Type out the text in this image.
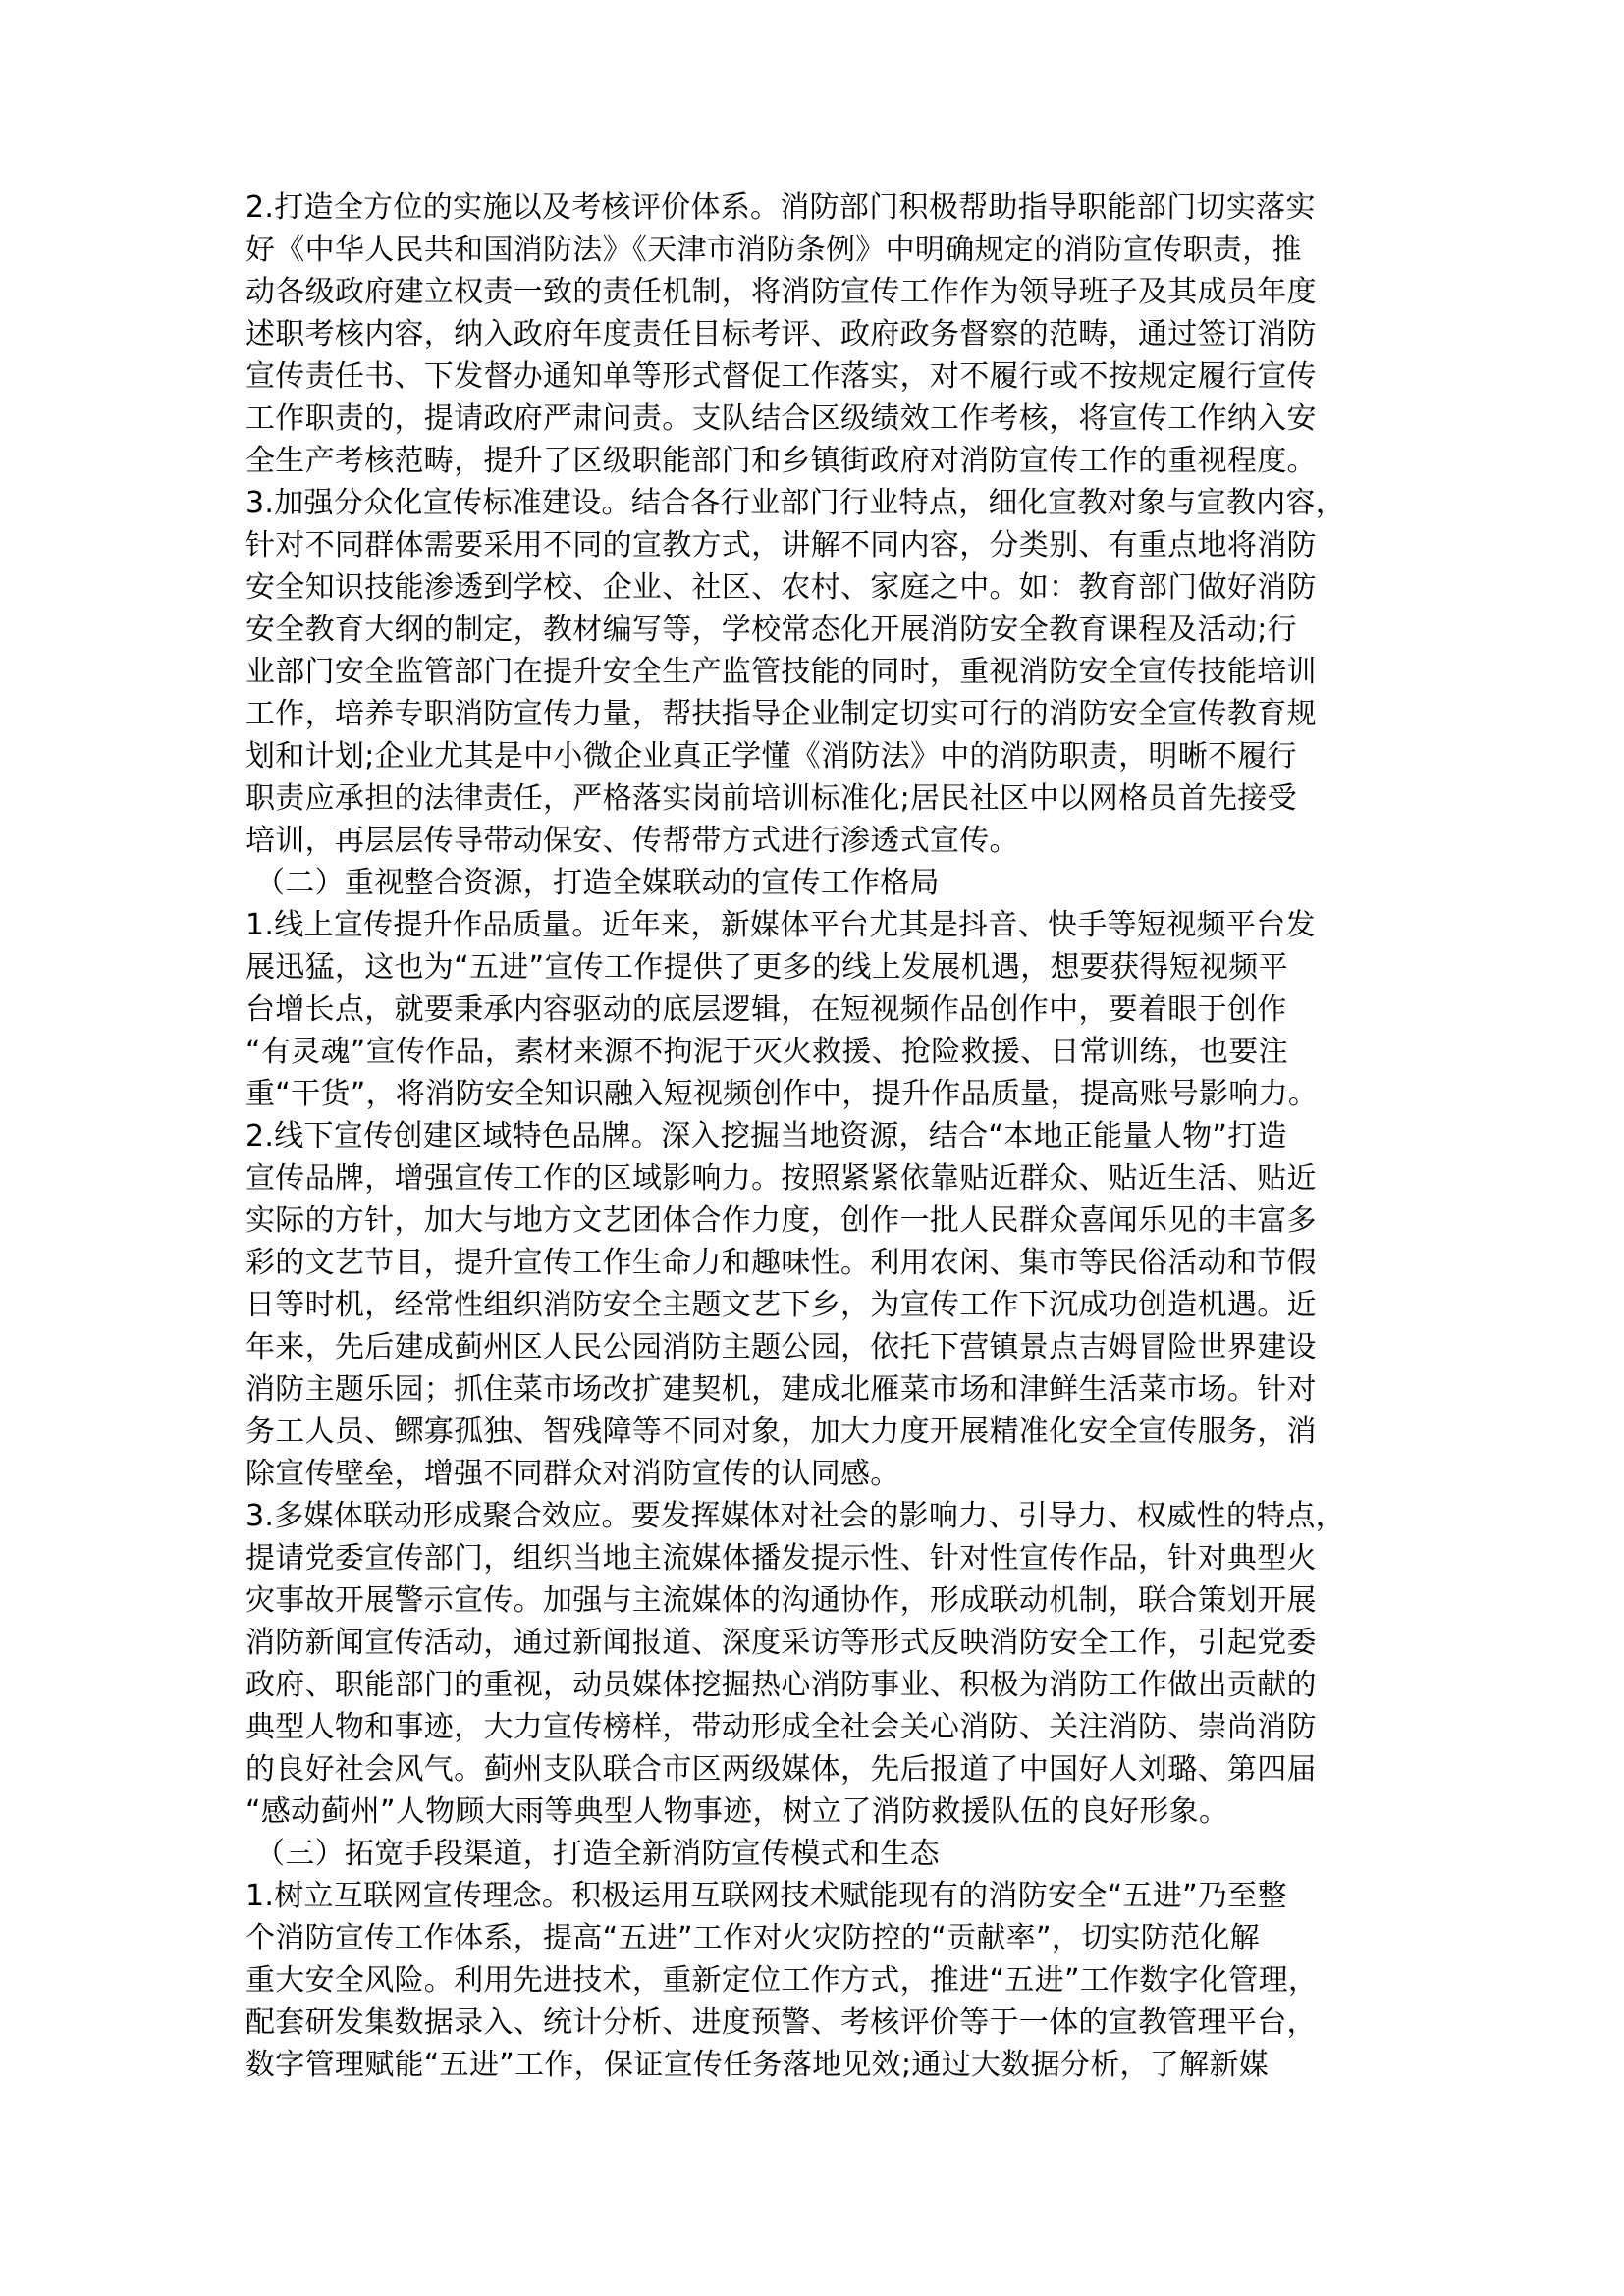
2.打造全方位的实施以及考核评价体系。消防部门积极帮助指导职能部门切实落实
好《中华人民共和国消防法》《天津市消防条例》中明确规定的消防宣传职责，推
动各级政府建立权责一致的责任机制，将消防宣传工作作为领导班子及其成员年度
述职考核内容，纳入政府年度责任目标考评、政府政务督察的范畴，通过签订消防
宣传责任书、下发督办通知单等形式督促工作落实，对不履行或不按规定履行宣传
工作职责的，提请政府严肃问责。支队结合区级绩效工作考核，将宣传工作纳入安
全生产考核范畴，提升了区级职能部门和乡镇街政府对消防宣传工作的重视程度。
3.加强分众化宣传标准建设。结合各行业部门行业特点，细化宣教对象与宣教内容，
针对不同群体需要采用不同的宣教方式，讲解不同内容，分类别、有重点地将消防
安全知识技能渗透到学校、企业、社区、农村、家庭之中。如：教育部门做好消防
安全教育大纲的制定，教材编写等，学校常态化开展消防安全教育课程及活动;行
业部门安全监管部门在提升安全生产监管技能的同时，重视消防安全宣传技能培训
工作，培养专职消防宣传力量，帮扶指导企业制定切实可行的消防安全宣传教育规
划和计划;企业尤其是中小微企业真正学懂《消防法》中的消防职责，明晰不履行
职责应承担的法律责任，严格落实岗前培训标准化;居民社区中以网格员首先接受
培训，再层层传导带动保安、传帮带方式进行渗透式宣传。
（二）重视整合资源，打造全媒联动的宣传工作格局
1.线上宣传提升作品质量。近年来，新媒体平台尤其是抖音、快手等短视频平台发
展迅猛，这也为“五进”宣传工作提供了更多的线上发展机遇，想要获得短视频平
台增长点，就要秉承内容驱动的底层逻辑，在短视频作品创作中，要着眼于创作
“有灵魂”宣传作品，素材来源不拘泥于灭火救援、抢险救援、日常训练，也要注
重“干货”，将消防安全知识融入短视频创作中，提升作品质量，提高账号影响力。
2.线下宣传创建区域特色品牌。深入挖掘当地资源，结合“本地正能量人物”打造
宣传品牌，增强宣传工作的区域影响力。按照紧紧依靠贴近群众、贴近生活、贴近
实际的方针，加大与地方文艺团体合作力度，创作一批人民群众喜闻乐见的丰富多
彩的文艺节目，提升宣传工作生命力和趣味性。利用农闲、集市等民俗活动和节假
日等时机，经常性组织消防安全主题文艺下乡，为宣传工作下沉成功创造机遇。近
年来，先后建成蓟州区人民公园消防主题公园，依托下营镇景点吉姆冒险世界建设
消防主题乐园；抓住菜市场改扩建契机，建成北雁菜市场和津鲜生活菜市场。针对
务工人员、鳏寡孤独、智残障等不同对象，加大力度开展精准化安全宣传服务，消
除宣传壁垒，增强不同群众对消防宣传的认同感。
3.多媒体联动形成聚合效应。要发挥媒体对社会的影响力、引导力、权威性的特点，
提请党委宣传部门，组织当地主流媒体播发提示性、针对性宣传作品，针对典型火
灾事故开展警示宣传。加强与主流媒体的沟通协作，形成联动机制，联合策划开展
消防新闻宣传活动，通过新闻报道、深度采访等形式反映消防安全工作，引起党委
政府、职能部门的重视，动员媒体挖掘热心消防事业、积极为消防工作做出贡献的
典型人物和事迹，大力宣传榜样，带动形成全社会关心消防、关注消防、崇尚消防
的良好社会风气。蓟州支队联合市区两级媒体，先后报道了中国好人刘璐、第四届
“感动蓟州”人物顾大雨等典型人物事迹，树立了消防救援队伍的良好形象。
（三）拓宽手段渠道，打造全新消防宣传模式和生态
1.树立互联网宣传理念。积极运用互联网技术赋能现有的消防安全“五进”乃至整
个消防宣传工作体系，提高“五进”工作对火灾防控的“贡献率”，切实防范化解
重大安全风险。利用先进技术，重新定位工作方式，推进“五进”工作数字化管理，
配套研发集数据录入、统计分析、进度预警、考核评价等于一体的宣教管理平台，
数字管理赋能“五进”工作，保证宣传任务落地见效;通过大数据分析，了解新媒
